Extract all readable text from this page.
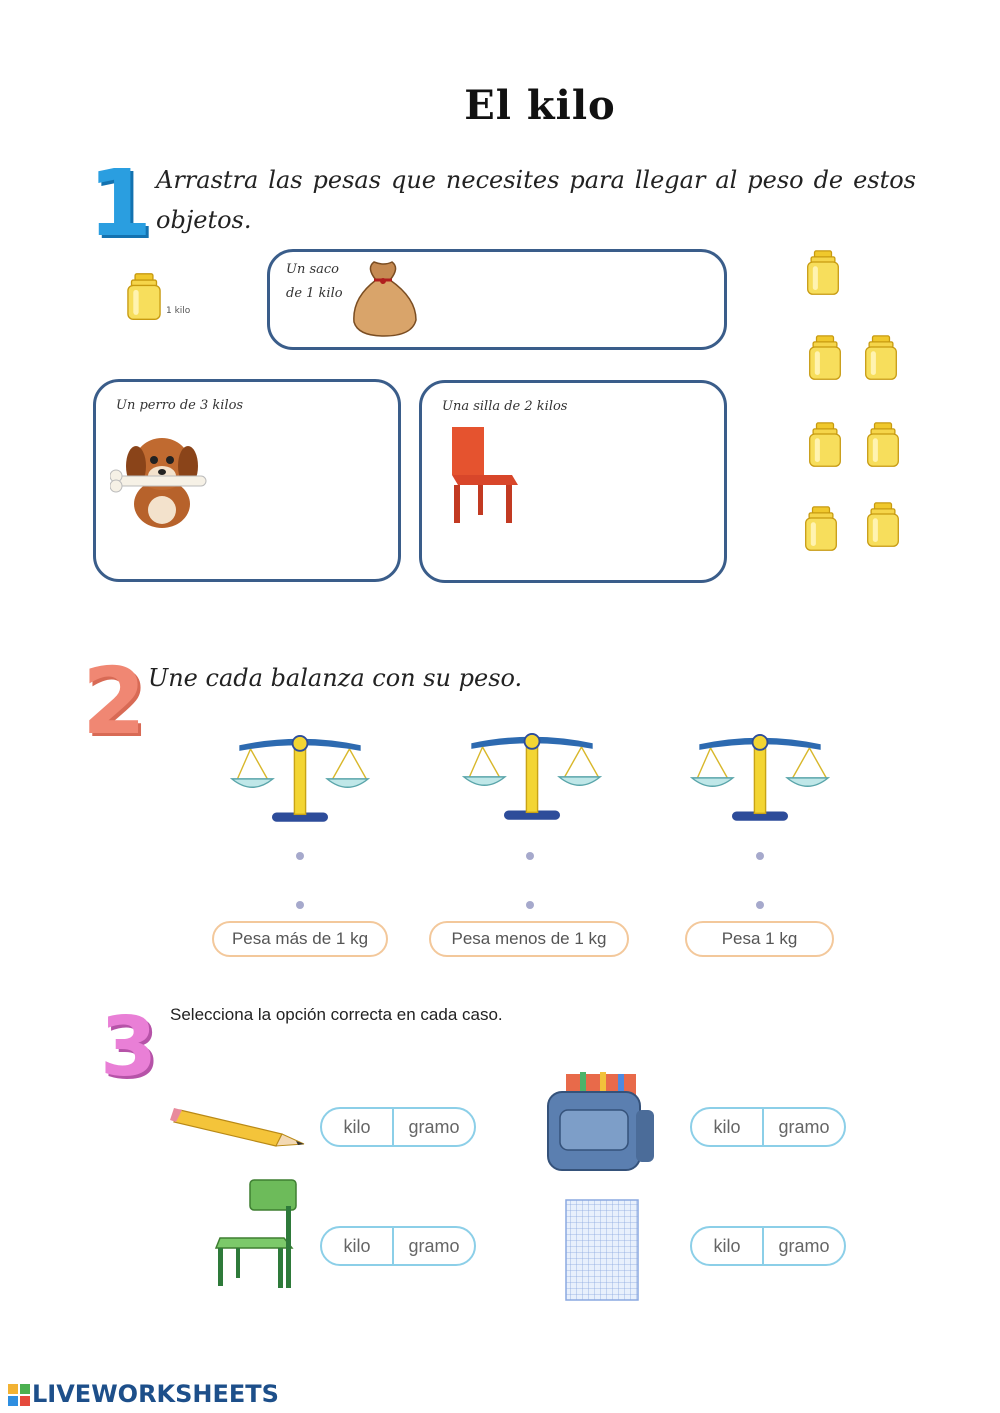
El kilo
1 Arrastra las pesas que necesites para llegar al peso de estos objetos.
1 kilo
Un saco
de 1 kilo
Un perro de 3 kilos	Una silla de 2 kilos
2 Une cada balanza con su peso.
Pesa más de 1 kg	Pesa menos de 1 kg	Pesa 1 kg
3 Selecciona la opción correcta en cada caso.
kilo	gramo	kilo	gramo
kilo	gramo	kilo	gramo
LIVEWORKSHEETS
